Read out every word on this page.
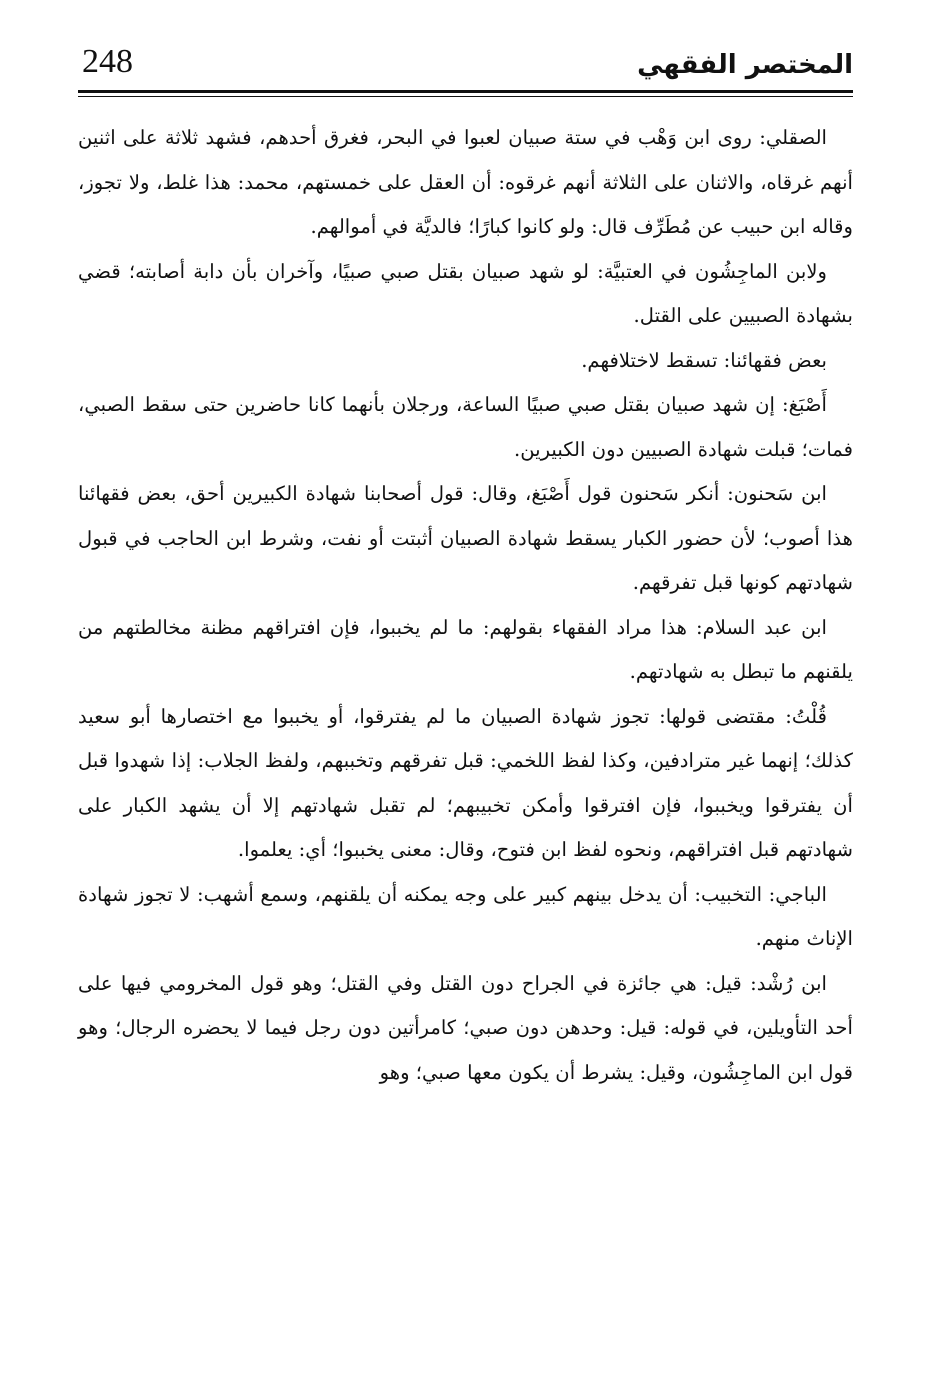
248	المختصر الفقهي

الصقلي: روى ابن وَهْب في ستة صبيان لعبوا في البحر، فغرق أحدهم، فشهد ثلاثة على اثنين أنهم غرقاه، والاثنان على الثلاثة أنهم غرقوه: أن العقل على خمستهم، محمد: هذا غلط، ولا تجوز، وقاله ابن حبيب عن مُطَرِّف قال: ولو كانوا كبارًا؛ فالديَّة في أموالهم.

ولابن الماجِشُون في العتبيَّة: لو شهد صبيان بقتل صبي صبيًا، وآخران بأن دابة أصابته؛ قضي بشهادة الصبيين على القتل.

بعض فقهائنا: تسقط لاختلافهم.

أَصْبَغ: إن شهد صبيان بقتل صبي صبيًا الساعة، ورجلان بأنهما كانا حاضرين حتى سقط الصبي، فمات؛ قبلت شهادة الصبيين دون الكبيرين.

ابن سَحنون: أنكر سَحنون قول أَصْبَغ، وقال: قول أصحابنا شهادة الكبيرين أحق، بعض فقهائنا هذا أصوب؛ لأن حضور الكبار يسقط شهادة الصبيان أثبتت أو نفت، وشرط ابن الحاجب في قبول شهادتهم كونها قبل تفرقهم.

ابن عبد السلام: هذا مراد الفقهاء بقولهم: ما لم يخببوا، فإن افتراقهم مظنة مخالطتهم من يلقنهم ما تبطل به شهادتهم.

قُلْتُ: مقتضى قولها: تجوز شهادة الصبيان ما لم يفترقوا، أو يخببوا مع اختصارها أبو سعيد كذلك؛ إنهما غير مترادفين، وكذا لفظ اللخمي: قبل تفرقهم وتخببهم، ولفظ الجلاب: إذا شهدوا قبل أن يفترقوا ويخببوا، فإن افترقوا وأمكن تخبيبهم؛ لم تقبل شهادتهم إلا أن يشهد الكبار على شهادتهم قبل افتراقهم، ونحوه لفظ ابن فتوح، وقال: معنى يخببوا؛ أي: يعلموا.

الباجي: التخبيب: أن يدخل بينهم كبير على وجه يمكنه أن يلقنهم، وسمع أشهب: لا تجوز شهادة الإناث منهم.

ابن رُشْد: قيل: هي جائزة في الجراح دون القتل وفي القتل؛ وهو قول المخرومي فيها على أحد التأويلين، في قوله: قيل: وحدهن دون صبي؛ كامرأتين دون رجل فيما لا يحضره الرجال؛ وهو قول ابن الماجِشُون، وقيل: يشرط أن يكون معها صبي؛ وهو
